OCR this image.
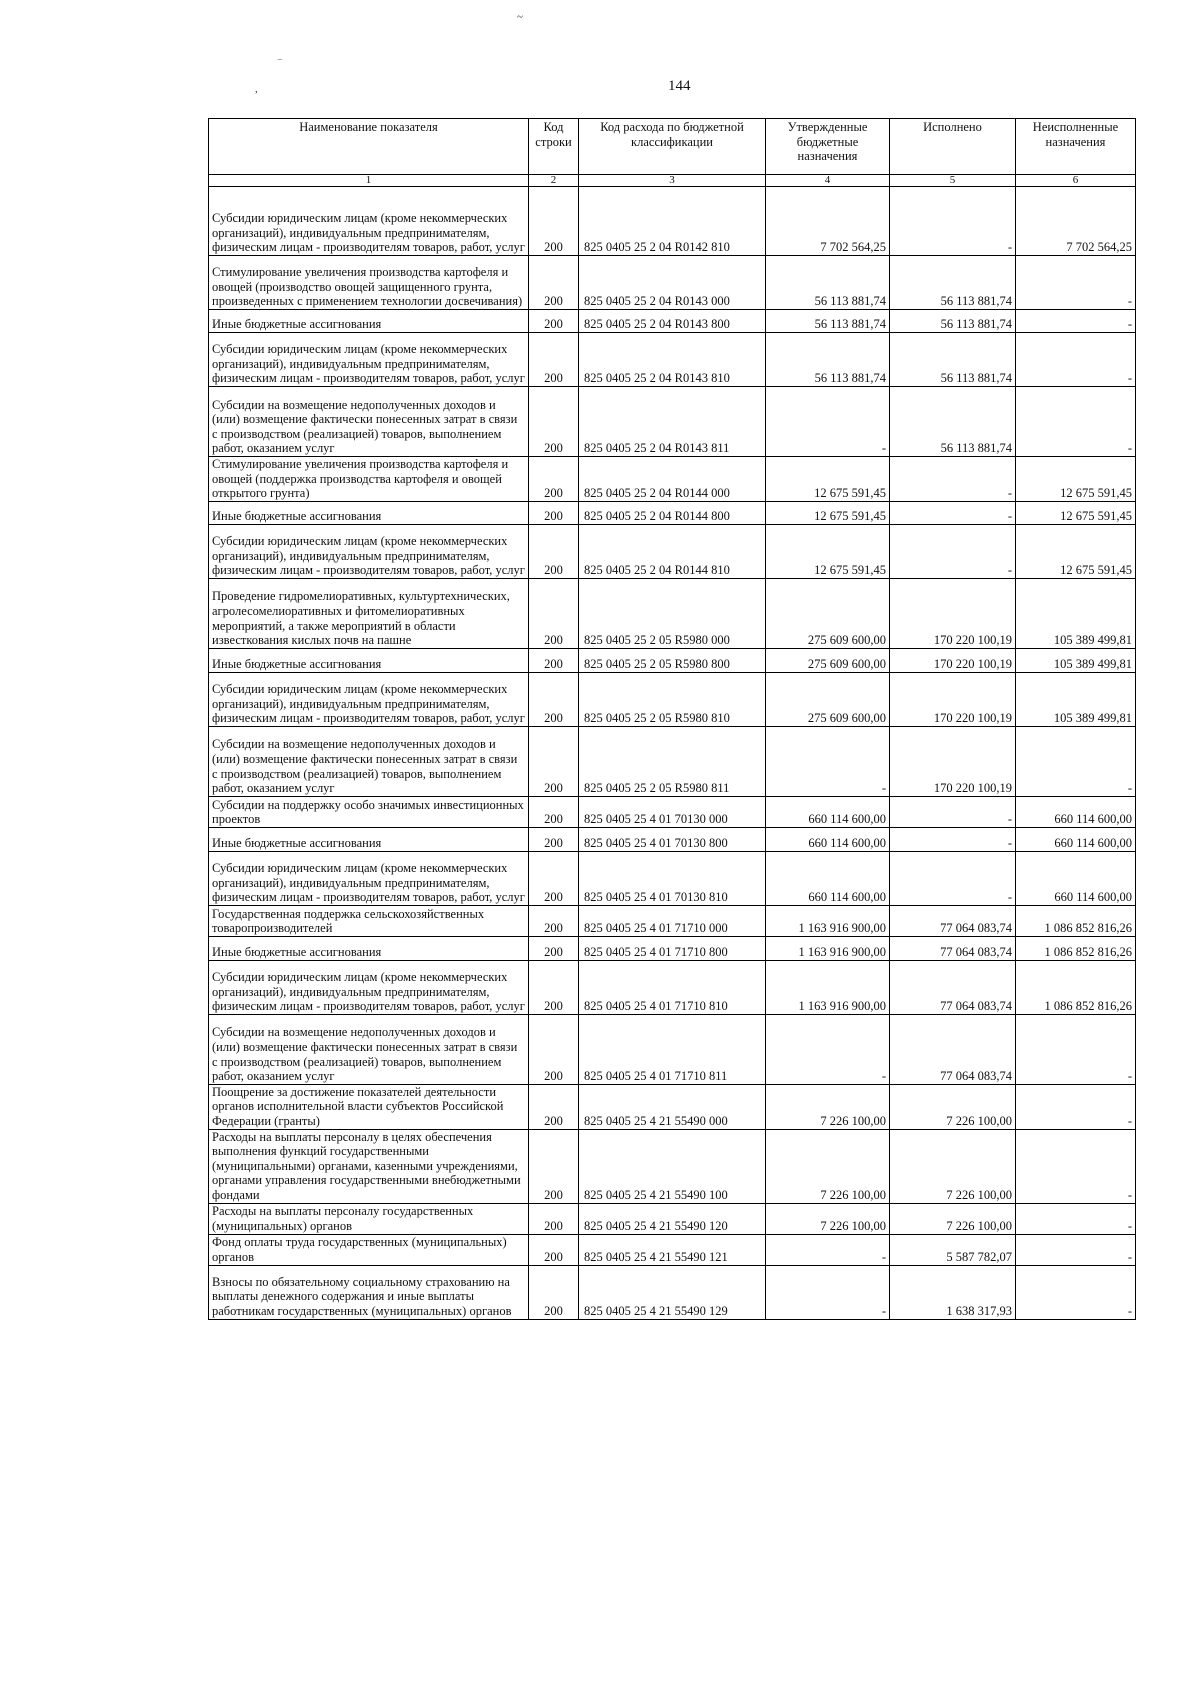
~
‾
,	144
Наименование показателя	Код строки	Код расхода по бюджетной классификации	Утвержденные бюджетные назначения	Исполнено	Неисполненные назначения
1	2	3	4	5	6
Субсидии юридическим лицам (кроме некоммерческих организаций), индивидуальным предпринимателям, физическим лицам - производителям товаров, работ, услуг	200	825 0405 25 2 04 R0142 810	7 702 564,25	-	7 702 564,25
Стимулирование увеличения производства картофеля и овощей (производство овощей защищенного грунта, произведенных с применением технологии досвечивания)	200	825 0405 25 2 04 R0143 000	56 113 881,74	56 113 881,74	-
Иные бюджетные ассигнования	200	825 0405 25 2 04 R0143 800	56 113 881,74	56 113 881,74	-
Субсидии юридическим лицам (кроме некоммерческих организаций), индивидуальным предпринимателям, физическим лицам - производителям товаров, работ, услуг	200	825 0405 25 2 04 R0143 810	56 113 881,74	56 113 881,74	-
Субсидии на возмещение недополученных доходов и (или) возмещение фактически понесенных затрат в связи с производством (реализацией) товаров, выполнением работ, оказанием услуг	200	825 0405 25 2 04 R0143 811	-	56 113 881,74	-
Стимулирование увеличения производства картофеля и овощей (поддержка производства картофеля и овощей открытого грунта)	200	825 0405 25 2 04 R0144 000	12 675 591,45	-	12 675 591,45
Иные бюджетные ассигнования	200	825 0405 25 2 04 R0144 800	12 675 591,45	-	12 675 591,45
Субсидии юридическим лицам (кроме некоммерческих организаций), индивидуальным предпринимателям, физическим лицам - производителям товаров, работ, услуг	200	825 0405 25 2 04 R0144 810	12 675 591,45	-	12 675 591,45
Проведение гидромелиоративных, культуртехнических, агролесомелиоративных и фитомелиоративных мероприятий, а также мероприятий в области известкования кислых почв на пашне	200	825 0405 25 2 05 R5980 000	275 609 600,00	170 220 100,19	105 389 499,81
Иные бюджетные ассигнования	200	825 0405 25 2 05 R5980 800	275 609 600,00	170 220 100,19	105 389 499,81
Субсидии юридическим лицам (кроме некоммерческих организаций), индивидуальным предпринимателям, физическим лицам - производителям товаров, работ, услуг	200	825 0405 25 2 05 R5980 810	275 609 600,00	170 220 100,19	105 389 499,81
Субсидии на возмещение недополученных доходов и (или) возмещение фактически понесенных затрат в связи с производством (реализацией) товаров, выполнением работ, оказанием услуг	200	825 0405 25 2 05 R5980 811	-	170 220 100,19	-
Субсидии на поддержку особо значимых инвестиционных проектов	200	825 0405 25 4 01 70130 000	660 114 600,00	-	660 114 600,00
Иные бюджетные ассигнования	200	825 0405 25 4 01 70130 800	660 114 600,00	-	660 114 600,00
Субсидии юридическим лицам (кроме некоммерческих организаций), индивидуальным предпринимателям, физическим лицам - производителям товаров, работ, услуг	200	825 0405 25 4 01 70130 810	660 114 600,00	-	660 114 600,00
Государственная поддержка сельскохозяйственных товаропроизводителей	200	825 0405 25 4 01 71710 000	1 163 916 900,00	77 064 083,74	1 086 852 816,26
Иные бюджетные ассигнования	200	825 0405 25 4 01 71710 800	1 163 916 900,00	77 064 083,74	1 086 852 816,26
Субсидии юридическим лицам (кроме некоммерческих организаций), индивидуальным предпринимателям, физическим лицам - производителям товаров, работ, услуг	200	825 0405 25 4 01 71710 810	1 163 916 900,00	77 064 083,74	1 086 852 816,26
Субсидии на возмещение недополученных доходов и (или) возмещение фактически понесенных затрат в связи с производством (реализацией) товаров, выполнением работ, оказанием услуг	200	825 0405 25 4 01 71710 811	-	77 064 083,74	-
Поощрение за достижение показателей деятельности органов исполнительной власти субъектов Российской Федерации (гранты)	200	825 0405 25 4 21 55490 000	7 226 100,00	7 226 100,00	-
Расходы на выплаты персоналу в целях обеспечения выполнения функций государственными (муниципальными) органами, казенными учреждениями, органами управления государственными внебюджетными фондами	200	825 0405 25 4 21 55490 100	7 226 100,00	7 226 100,00	-
Расходы на выплаты персоналу государственных (муниципальных) органов	200	825 0405 25 4 21 55490 120	7 226 100,00	7 226 100,00	-
Фонд оплаты труда государственных (муниципальных) органов	200	825 0405 25 4 21 55490 121	-	5 587 782,07	-
Взносы по обязательному социальному страхованию на выплаты денежного содержания и иные выплаты работникам государственных (муниципальных) органов	200	825 0405 25 4 21 55490 129	-	1 638 317,93	-
